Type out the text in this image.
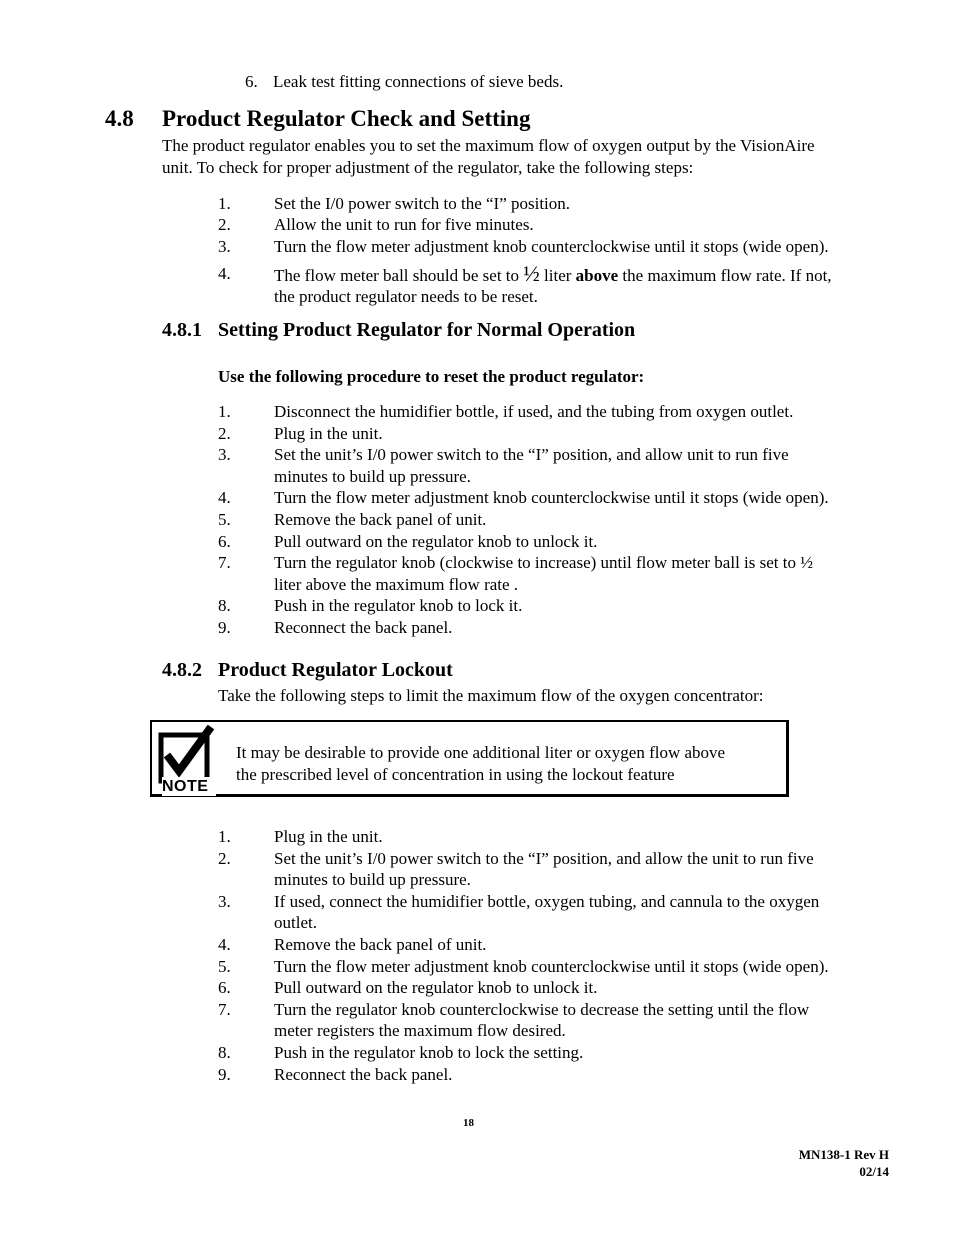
6. Leak test fitting connections of sieve beds.
4.8 Product Regulator Check and Setting
The product regulator enables you to set the maximum flow of oxygen output by the VisionAire
unit. To check for proper adjustment of the regulator, take the following steps:
1.	Set the I/0 power switch to the “I” position.
2.	Allow the unit to run for five minutes.
3.	Turn the flow meter adjustment knob counterclockwise until it stops (wide open).
4.	The flow meter ball should be set to ½ liter above the maximum flow rate. If not,
the product regulator needs to be reset.
4.8.1 Setting Product Regulator for Normal Operation
Use the following procedure to reset the product regulator:
1.	Disconnect the humidifier bottle, if used, and the tubing from oxygen outlet.
2.	Plug in the unit.
3.	Set the unit’s I/0 power switch to the “I” position, and allow unit to run five
minutes to build up pressure.
4.	Turn the flow meter adjustment knob counterclockwise until it stops (wide open).
5.	Remove the back panel of unit.
6.	Pull outward on the regulator knob to unlock it.
7.	Turn the regulator knob (clockwise to increase) until flow meter ball is set to ½
liter above the maximum flow rate .
8.	Push in the regulator knob to lock it.
9.	Reconnect the back panel.
4.8.2 Product Regulator Lockout
Take the following steps to limit the maximum flow of the oxygen concentrator:
NOTE
It may be desirable to provide one additional liter or oxygen flow above
the prescribed level of concentration in using the lockout feature
1.	Plug in the unit.
2.	Set the unit’s I/0 power switch to the “I” position, and allow the unit to run five
minutes to build up pressure.
3.	If used, connect the humidifier bottle, oxygen tubing, and cannula to the oxygen
outlet.
4.	Remove the back panel of unit.
5.	Turn the flow meter adjustment knob counterclockwise until it stops (wide open).
6.	Pull outward on the regulator knob to unlock it.
7.	Turn the regulator knob counterclockwise to decrease the setting until the flow
meter registers the maximum flow desired.
8.	Push in the regulator knob to lock the setting.
9.	Reconnect the back panel.
18
MN138-1 Rev H
02/14
